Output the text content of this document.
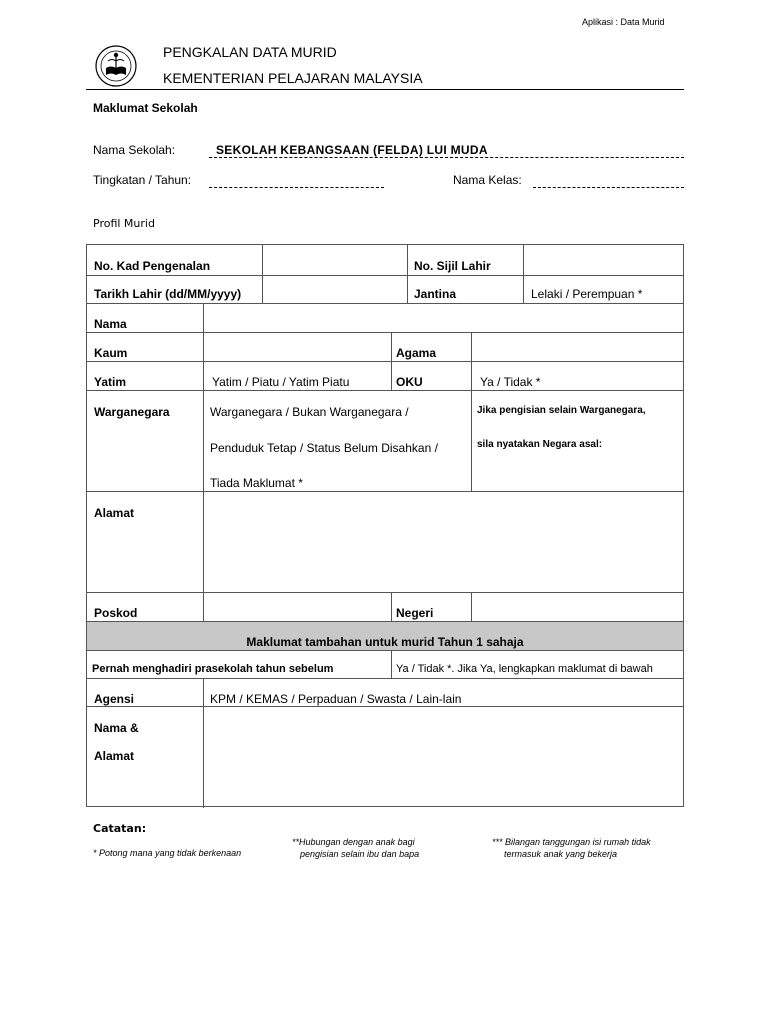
Aplikasi : Data Murid
PENGKALAN DATA MURID
KEMENTERIAN PELAJARAN MALAYSIA
Maklumat Sekolah
Nama Sekolah:	SEKOLAH KEBANGSAAN (FELDA) LUI MUDA
Tingkatan / Tahun:	Nama Kelas:
Profil Murid
No. Kad Pengenalan	No. Sijil Lahir
Tarikh Lahir (dd/MM/yyyy)	Jantina	Lelaki / Perempuan *
Nama
Kaum	Agama
Yatim	Yatim / Piatu / Yatim Piatu	OKU	Ya / Tidak *
Warganegara	Warganegara / Bukan Warganegara /
Penduduk Tetap / Status Belum Disahkan /
Tiada Maklumat *
Jika pengisian selain Warganegara,
sila nyatakan Negara asal:
Alamat
Poskod	Negeri
Maklumat tambahan untuk murid Tahun 1 sahaja
Pernah menghadiri prasekolah tahun sebelum	Ya / Tidak *. Jika Ya, lengkapkan maklumat di bawah
Agensi	KPM / KEMAS / Perpaduan / Swasta / Lain-lain
Nama &
Alamat
Catatan:
* Potong mana yang tidak berkenaan
**Hubungan dengan anak bagi
pengisian selain ibu dan bapa
*** Bilangan tanggungan isi rumah tidak
termasuk anak yang bekerja
